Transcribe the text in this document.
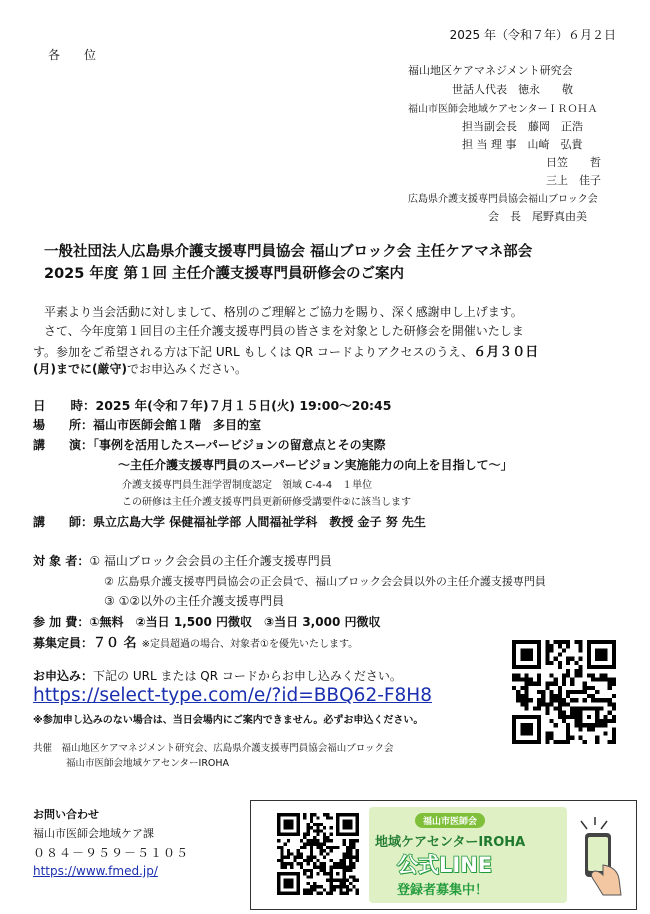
2025 年（令和７年）６月２日
各　　位
福山地区ケアマネジメント研究会
世話人代表　徳永　　敬
福山市医師会地域ケアセンターＩＲＯＨＡ
担当副会長　藤岡　正浩
担 当 理 事　山崎　弘貴
日笠　　哲
三上　佳子
広島県介護支援専門員協会福山ブロック会
会　長　尾野真由美
一般社団法人広島県介護支援専門員協会 福山ブロック会 主任ケアマネ部会
2025 年度 第１回 主任介護支援専門員研修会のご案内
平素より当会活動に対しまして、格別のご理解とご協力を賜り、深く感謝申し上げます。
さて、今年度第１回目の主任介護支援専門員の皆さまを対象とした研修会を開催いたしま
す。参加をご希望される方は下記 URL もしくは QR コードよりアクセスのうえ、６月３０日
(月)までに(厳守)でお申込みください。
日　　時：2025 年(令和７年)７月１５日(火) 19:00～20:45
場　　所：福山市医師会館１階　多目的室
講　　演：「事例を活用したスーパービジョンの留意点とその実際
～主任介護支援専門員のスーパービジョン実施能力の向上を目指して～」
介護支援専門員生涯学習制度認定　領域 C-4-4　１単位
この研修は主任介護支援専門員更新研修受講要件②に該当します
講　　師：県立広島大学 保健福祉学部 人間福祉学科　教授 金子 努 先生
対 象 者：① 福山ブロック会会員の主任介護支援専門員
② 広島県介護支援専門員協会の正会員で、福山ブロック会会員以外の主任介護支援専門員
③ ①②以外の主任介護支援専門員
参 加 費：①無料　②当日 1,500 円徴収　③当日 3,000 円徴収
募集定員：７０ 名 ※定員超過の場合、対象者①を優先いたします。
お申込み：下記の URL または QR コードからお申し込みください。
https://select-type.com/e/?id=BBQ62-F8H8
※参加申し込みのない場合は、当日会場内にご案内できません。必ずお申込ください。
共催　 福山地区ケアマネジメント研究会、広島県介護支援専門員協会福山ブロック会
福山市医師会地域ケアセンターIROHA
お問い合わせ
福山市医師会地域ケア課
０８４－９５９－５１０５
https://www.fmed.jp/
福山市医師会
地域ケアセンターIROHA
公式LINE
登録者募集中！
